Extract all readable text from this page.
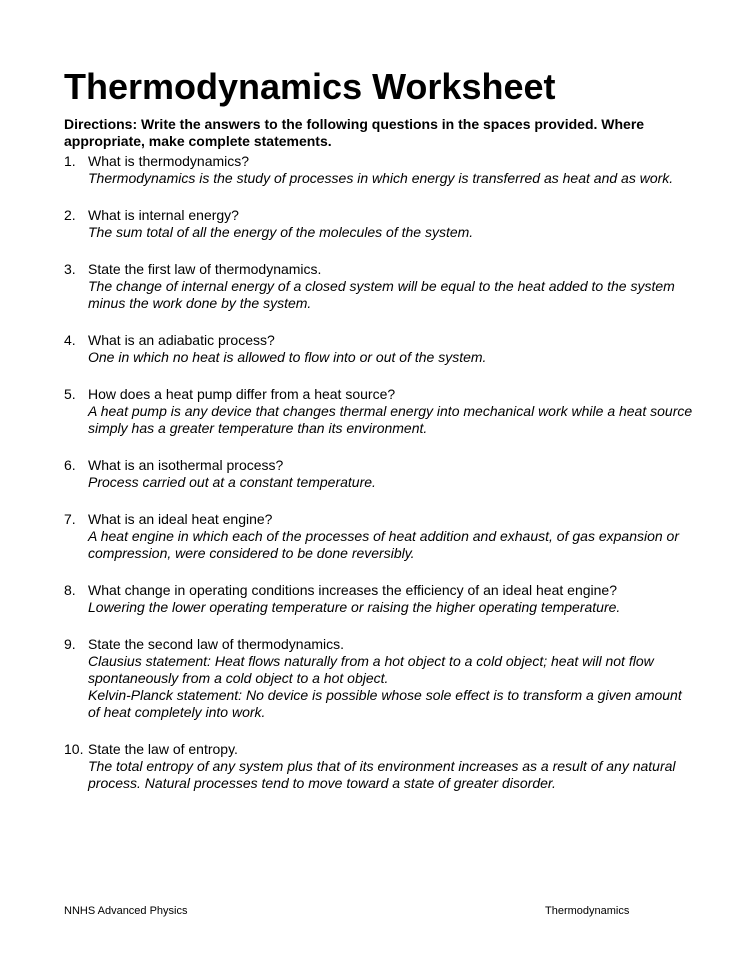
Thermodynamics Worksheet

Directions: Write the answers to the following questions in the spaces provided. Where appropriate, make complete statements.

1. What is thermodynamics?
Thermodynamics is the study of processes in which energy is transferred as heat and as work.
2. What is internal energy?
The sum total of all the energy of the molecules of the system.
3. State the first law of thermodynamics.
The change of internal energy of a closed system will be equal to the heat added to the system minus the work done by the system.
4. What is an adiabatic process?
One in which no heat is allowed to flow into or out of the system.
5. How does a heat pump differ from a heat source?
A heat pump is any device that changes thermal energy into mechanical work while a heat source simply has a greater temperature than its environment.
6. What is an isothermal process?
Process carried out at a constant temperature.
7. What is an ideal heat engine?
A heat engine in which each of the processes of heat addition and exhaust, of gas expansion or compression, were considered to be done reversibly.
8. What change in operating conditions increases the efficiency of an ideal heat engine?
Lowering the lower operating temperature or raising the higher operating temperature.
9. State the second law of thermodynamics.
Clausius statement: Heat flows naturally from a hot object to a cold object; heat will not flow spontaneously from a cold object to a hot object.
Kelvin-Planck statement: No device is possible whose sole effect is to transform a given amount of heat completely into work.
10. State the law of entropy.
The total entropy of any system plus that of its environment increases as a result of any natural process. Natural processes tend to move toward a state of greater disorder.
NNHS Advanced Physics	Thermodynamics
